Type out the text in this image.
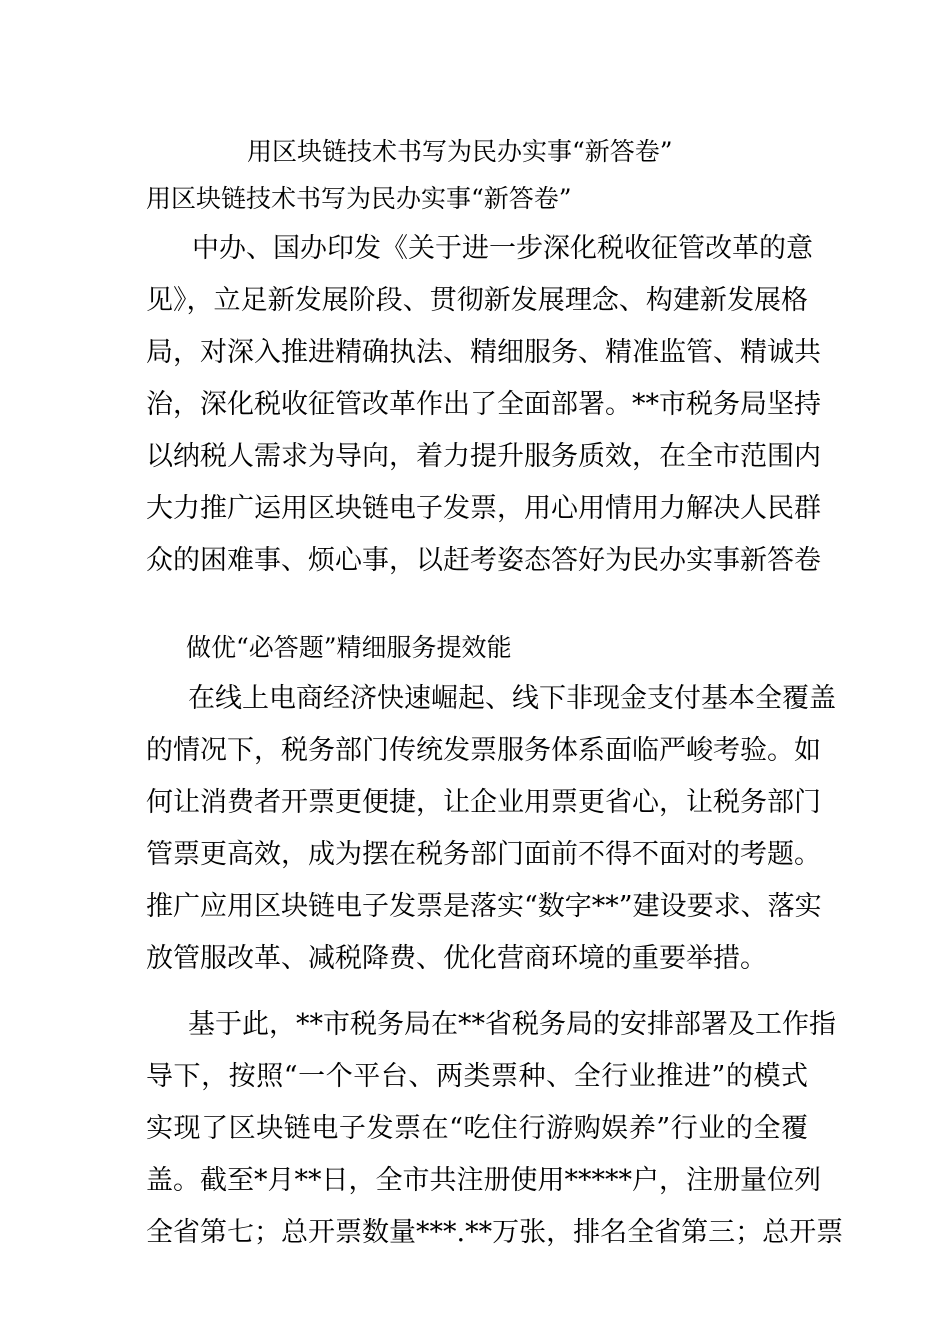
用区块链技术书写为民办实事“新答卷”
用区块链技术书写为民办实事“新答卷”
中办、国办印发《关于进一步深化税收征管改革的意
见》，立足新发展阶段、贯彻新发展理念、构建新发展格
局，对深入推进精确执法、精细服务、精准监管、精诚共
治，深化税收征管改革作出了全面部署。**市税务局坚持
以纳税人需求为导向，着力提升服务质效，在全市范围内
大力推广运用区块链电子发票，用心用情用力解决人民群
众的困难事、烦心事，以赶考姿态答好为民办实事新答卷
做优“必答题”精细服务提效能
在线上电商经济快速崛起、线下非现金支付基本全覆盖
的情况下，税务部门传统发票服务体系面临严峻考验。如
何让消费者开票更便捷，让企业用票更省心，让税务部门
管票更高效，成为摆在税务部门面前不得不面对的考题。
推广应用区块链电子发票是落实“数字**”建设要求、落实
放管服改革、减税降费、优化营商环境的重要举措。
基于此，**市税务局在**省税务局的安排部署及工作指
导下，按照“一个平台、两类票种、全行业推进”的模式
实现了区块链电子发票在“吃住行游购娱养”行业的全覆
盖。截至*月**日，全市共注册使用*****户，注册量位列
全省第七；总开票数量***.**万张，排名全省第三；总开票
